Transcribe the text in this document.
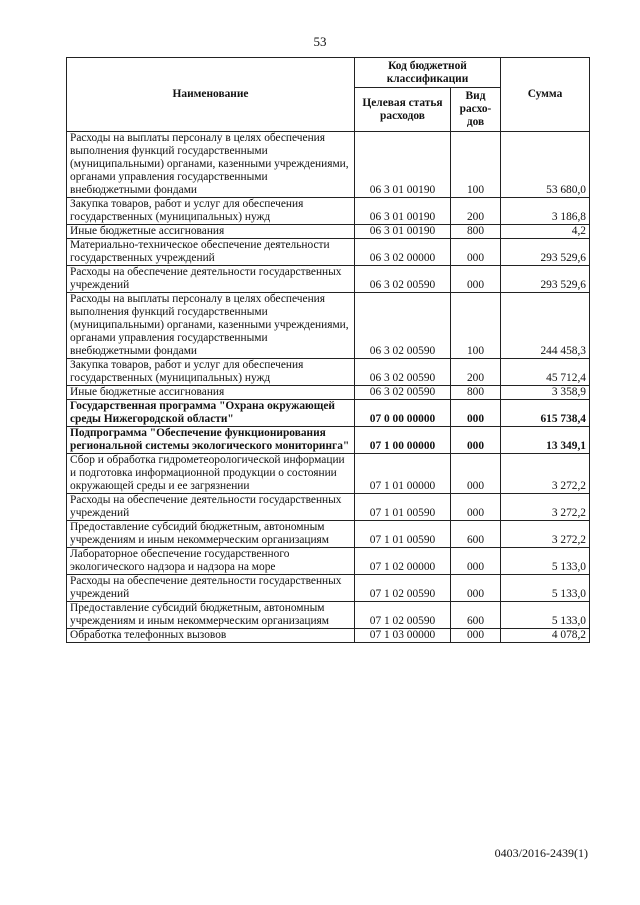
53
Наименование	Код бюджетной классификации		Сумма
	Целевая статья расходов	Вид расхо-дов	
Расходы на выплаты персоналу в целях обеспечения выполнения функций государственными (муниципальными) органами, казенными учреждениями, органами управления государственными внебюджетными фондами	06 3 01 00190	100	53 680,0
Закупка товаров, работ и услуг для обеспечения государственных (муниципальных) нужд	06 3 01 00190	200	3 186,8
Иные бюджетные ассигнования	06 3 01 00190	800	4,2
Материально-техническое обеспечение деятельности государственных учреждений	06 3 02 00000	000	293 529,6
Расходы на обеспечение деятельности государственных учреждений	06 3 02 00590	000	293 529,6
Расходы на выплаты персоналу в целях обеспечения выполнения функций государственными (муниципальными) органами, казенными учреждениями, органами управления государственными внебюджетными фондами	06 3 02 00590	100	244 458,3
Закупка товаров, работ и услуг для обеспечения государственных (муниципальных) нужд	06 3 02 00590	200	45 712,4
Иные бюджетные ассигнования	06 3 02 00590	800	3 358,9
Государственная программа "Охрана окружающей среды Нижегородской области"	07 0 00 00000	000	615 738,4
Подпрограмма "Обеспечение функционирования региональной системы экологического мониторинга"	07 1 00 00000	000	13 349,1
Сбор и обработка гидрометеорологической информации и подготовка информационной продукции о состоянии окружающей среды и ее загрязнении	07 1 01 00000	000	3 272,2
Расходы на обеспечение деятельности государственных учреждений	07 1 01 00590	000	3 272,2
Предоставление субсидий бюджетным, автономным учреждениям и иным некоммерческим организациям	07 1 01 00590	600	3 272,2
Лабораторное обеспечение государственного экологического надзора и надзора на море	07 1 02 00000	000	5 133,0
Расходы на обеспечение деятельности государственных учреждений	07 1 02 00590	000	5 133,0
Предоставление субсидий бюджетным, автономным учреждениям и иным некоммерческим организациям	07 1 02 00590	600	5 133,0
Обработка телефонных вызовов	07 1 03 00000	000	4 078,2
0403/2016-2439(1)
